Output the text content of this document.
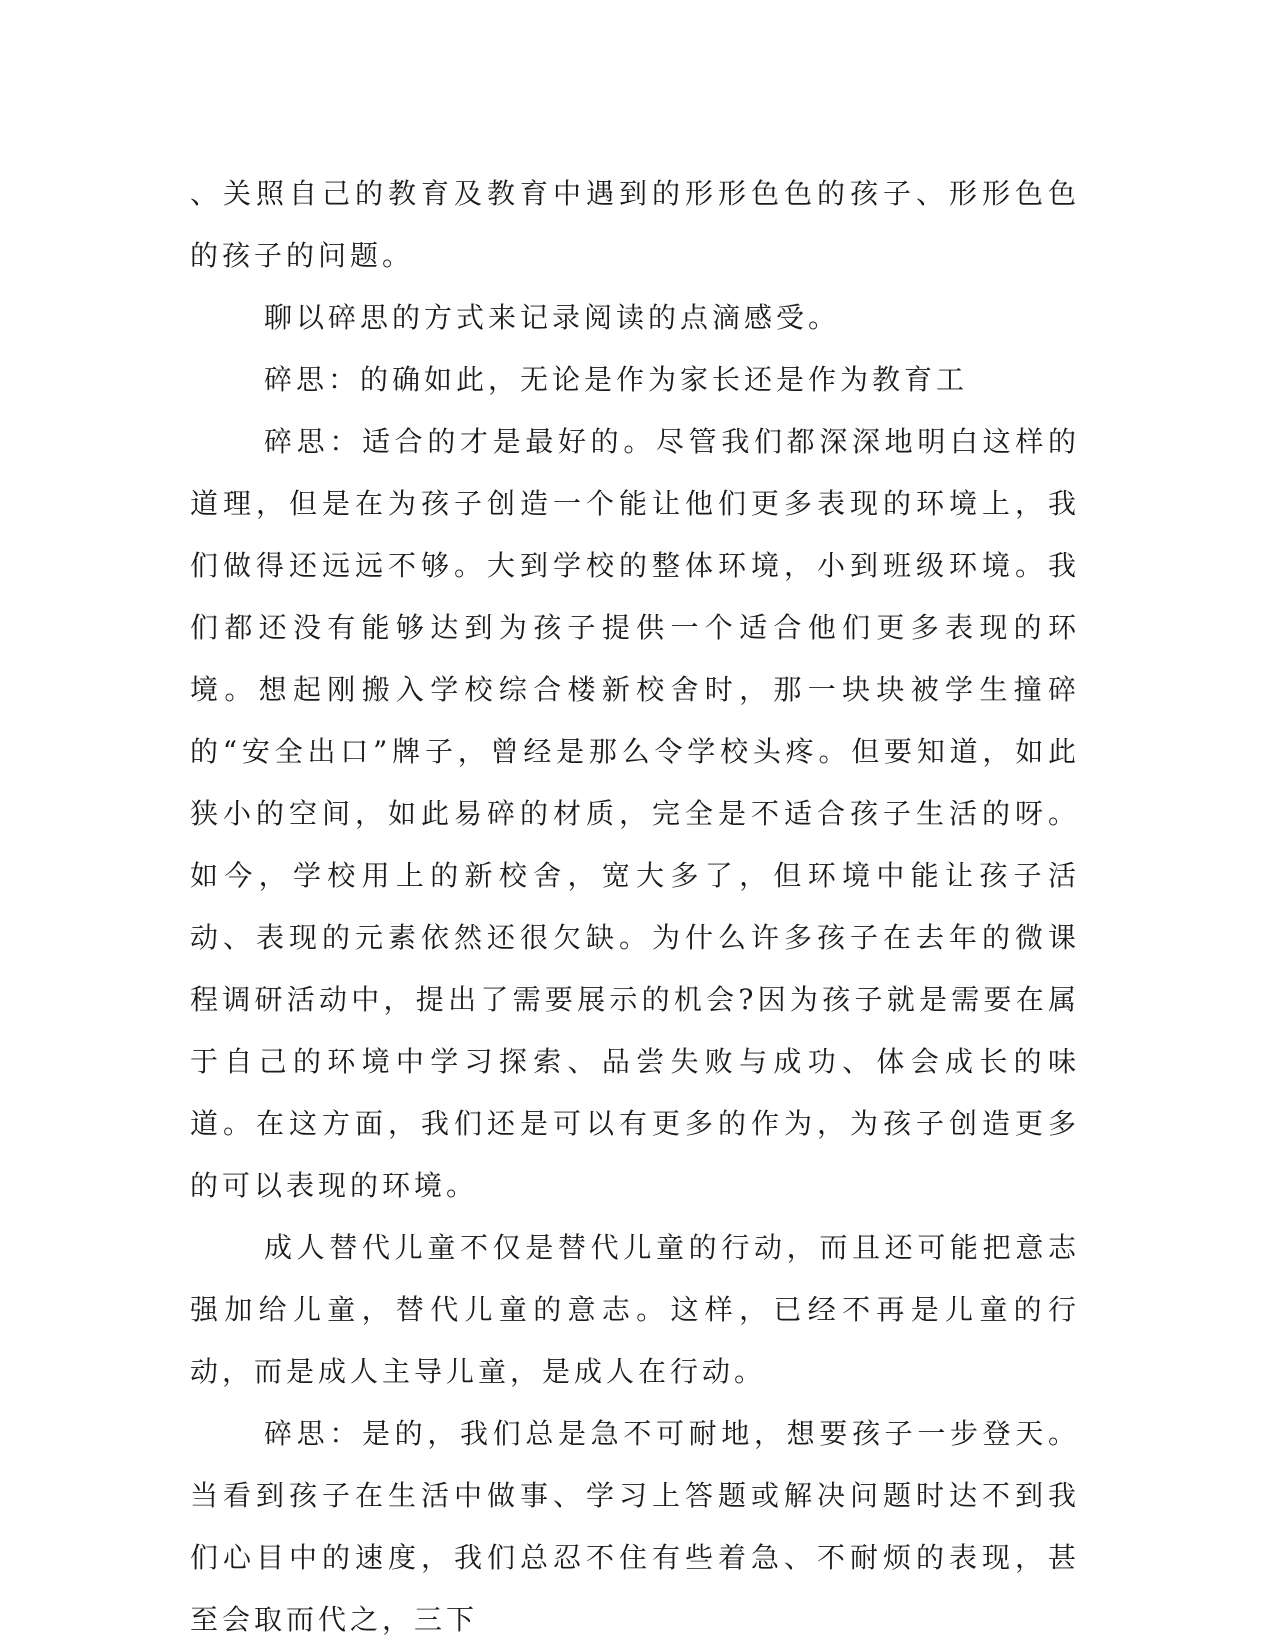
、关照自己的教育及教育中遇到的形形色色的孩子、形形色色的孩子的问题。

聊以碎思的方式来记录阅读的点滴感受。

碎思：的确如此，无论是作为家长还是作为教育工

碎思：适合的才是最好的。尽管我们都深深地明白这样的道理，但是在为孩子创造一个能让他们更多表现的环境上，我们做得还远远不够。大到学校的整体环境，小到班级环境。我们都还没有能够达到为孩子提供一个适合他们更多表现的环境。想起刚搬入学校综合楼新校舍时，那一块块被学生撞碎的“安全出口”牌子，曾经是那么令学校头疼。但要知道，如此狭小的空间，如此易碎的材质，完全是不适合孩子生活的呀。如今，学校用上的新校舍，宽大多了，但环境中能让孩子活动、表现的元素依然还很欠缺。为什么许多孩子在去年的微课程调研活动中，提出了需要展示的机会?因为孩子就是需要在属于自己的环境中学习探索、品尝失败与成功、体会成长的味道。在这方面，我们还是可以有更多的作为，为孩子创造更多的可以表现的环境。

成人替代儿童不仅是替代儿童的行动，而且还可能把意志强加给儿童，替代儿童的意志。这样，已经不再是儿童的行动，而是成人主导儿童，是成人在行动。

碎思：是的，我们总是急不可耐地，想要孩子一步登天。当看到孩子在生活中做事、学习上答题或解决问题时达不到我们心目中的速度，我们总忍不住有些着急、不耐烦的表现，甚至会取而代之，三下
